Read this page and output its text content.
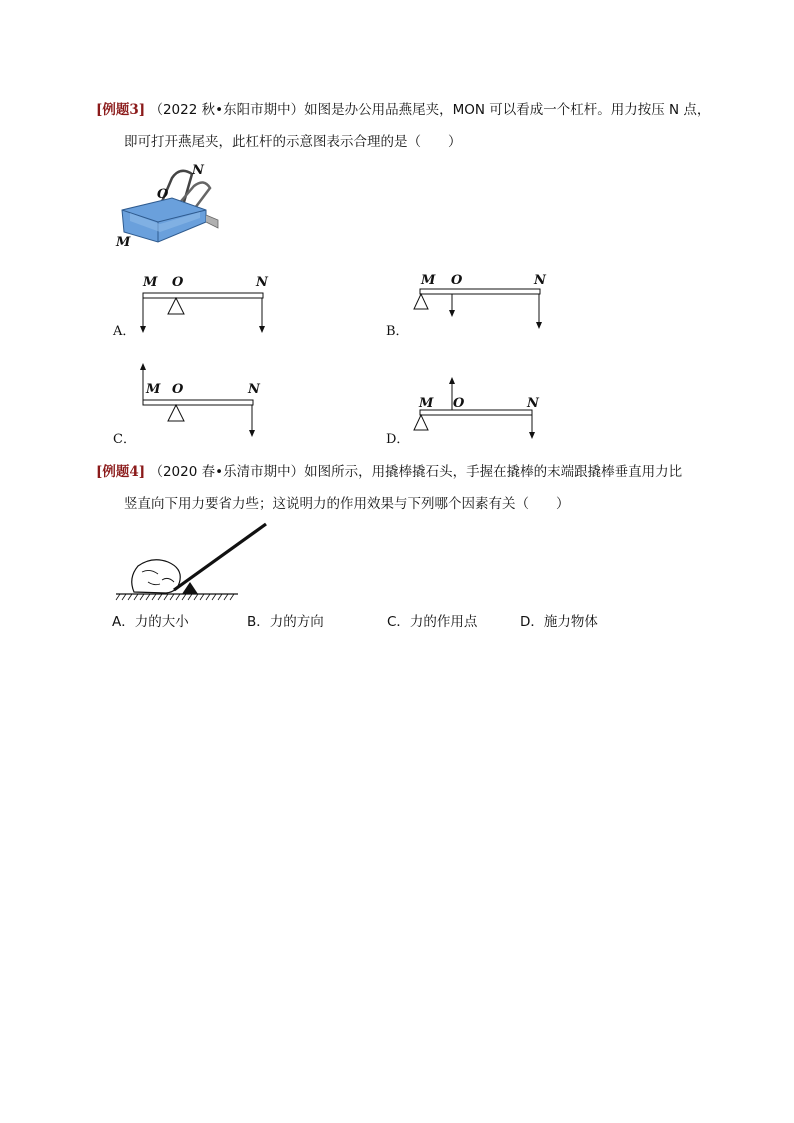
[例题3] （2022 秋•东阳市期中）如图是办公用品燕尾夹，MON 可以看成一个杠杆。用力按压 N 点，
即可打开燕尾夹，此杠杆的示意图表示合理的是（　　）
N
O
M
M O	N
A．
M O	N
B．
M O	N
C．
M O	N
D．
[例题4] （2020 春•乐清市期中）如图所示，用撬棒撬石头，手握在撬棒的末端跟撬棒垂直用力比
竖直向下用力要省力些；这说明力的作用效果与下列哪个因素有关（　　）
A．力的大小	B．力的方向	C．力的作用点	D．施力物体
